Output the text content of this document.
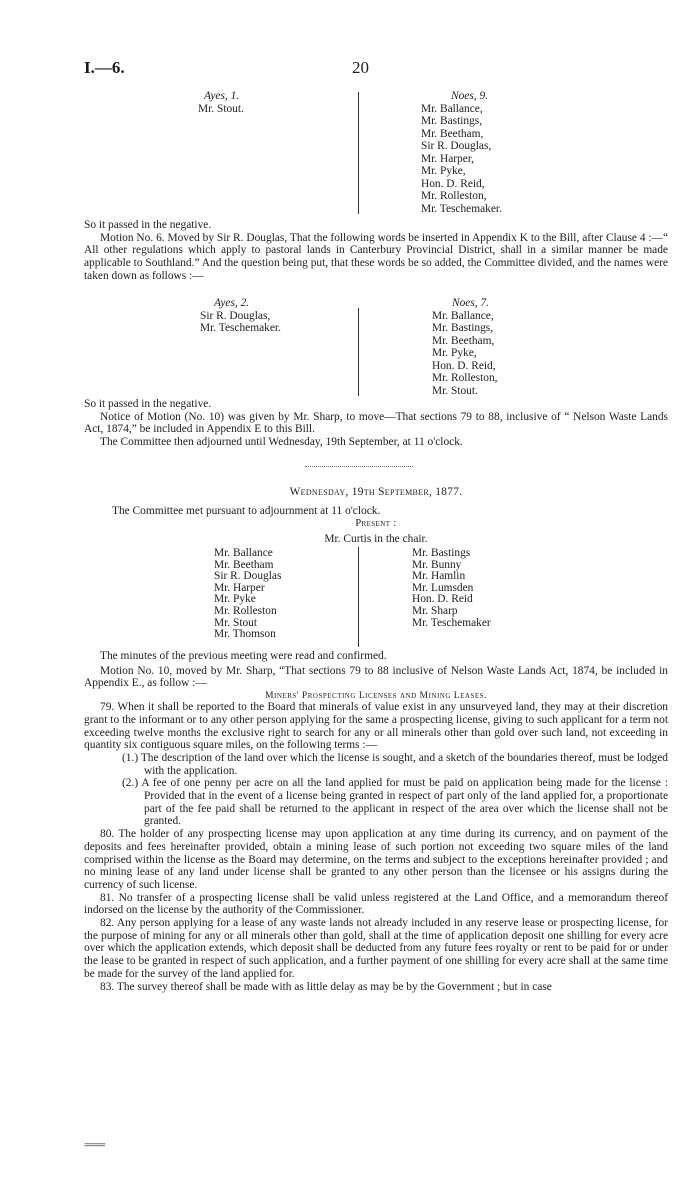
I.—6.	20
Ayes, 1.
Mr. Stout.
Noes, 9.
Mr. Ballance,
Mr. Bastings,
Mr. Beetham,
Sir R. Douglas,
Mr. Harper,
Mr. Pyke,
Hon. D. Reid,
Mr. Rolleston,
Mr. Teschemaker.

So it passed in the negative.

Motion No. 6. Moved by Sir R. Douglas, That the following words be inserted in Appendix K to the Bill, after Clause 4 :—“ All other regulations which apply to pastoral lands in Canterbury Provincial District, shall in a similar manner be made applicable to Southland.” And the question being put, that these words be so added, the Committee divided, and the names were taken down as follows :—

Ayes, 2.
Sir R. Douglas,
Mr. Teschemaker.
Noes, 7.
Mr. Ballance,
Mr. Bastings,
Mr. Beetham,
Mr. Pyke,
Hon. D. Reid,
Mr. Rolleston,
Mr. Stout.

So it passed in the negative.

Notice of Motion (No. 10) was given by Mr. Sharp, to move—That sections 79 to 88, inclusive of “ Nelson Waste Lands Act, 1874,” be included in Appendix E to this Bill.

The Committee then adjourned until Wednesday, 19th September, at 11 o'clock.

Wednesday, 19th September, 1877.

The Committee met pursuant to adjournment at 11 o'clock.

Present :

Mr. Curtis in the chair.

Mr. Ballance
Mr. Beetham
Sir R. Douglas
Mr. Harper
Mr. Pyke
Mr. Rolleston
Mr. Stout
Mr. Thomson
Mr. Bastings
Mr. Bunny
Mr. Hamlin
Mr. Lumsden
Hon. D. Reid
Mr. Sharp
Mr. Teschemaker

The minutes of the previous meeting were read and confirmed.

Motion No. 10, moved by Mr. Sharp, “That sections 79 to 88 inclusive of Nelson Waste Lands Act, 1874, be included in Appendix E., as follow :—

Miners' Prospecting Licenses and Mining Leases.

79. When it shall be reported to the Board that minerals of value exist in any unsurveyed land, they may at their discretion grant to the informant or to any other person applying for the same a prospecting license, giving to such applicant for a term not exceeding twelve months the exclusive right to search for any or all minerals other than gold over such land, not exceeding in quantity six contiguous square miles, on the following terms :—

(1.) The description of the land over which the license is sought, and a sketch of the boundaries thereof, must be lodged with the application.

(2.) A fee of one penny per acre on all the land applied for must be paid on application being made for the license : Provided that in the event of a license being granted in respect of part only of the land applied for, a proportionate part of the fee paid shall be returned to the applicant in respect of the area over which the license shall not be granted.

80. The holder of any prospecting license may upon application at any time during its currency, and on payment of the deposits and fees hereinafter provided, obtain a mining lease of such portion not exceeding two square miles of the land comprised within the license as the Board may determine, on the terms and subject to the exceptions hereinafter provided ; and no mining lease of any land under license shall be granted to any other person than the licensee or his assigns during the currency of such license.

81. No transfer of a prospecting license shall be valid unless registered at the Land Office, and a memorandum thereof indorsed on the license by the authority of the Commissioner.

82. Any person applying for a lease of any waste lands not already included in any reserve lease or prospecting license, for the purpose of mining for any or all minerals other than gold, shall at the time of application deposit one shilling for every acre over which the application extends, which deposit shall be deducted from any future fees royalty or rent to be paid for or under the lease to be granted in respect of such application, and a further payment of one shilling for every acre shall at the same time be made for the survey of the land applied for.

83. The survey thereof shall be made with as little delay as may be by the Government ; but in case

=====
